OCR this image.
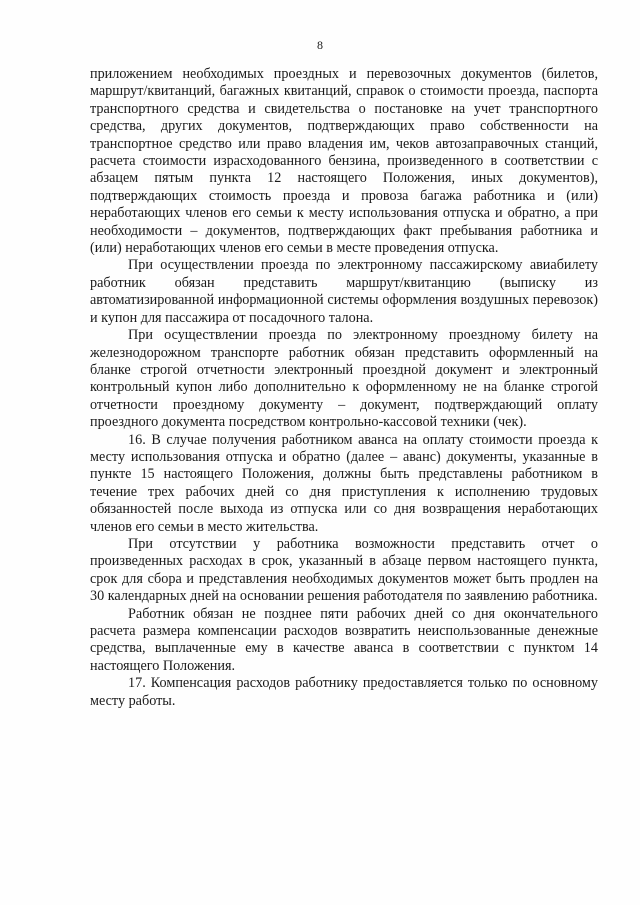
8

приложением необходимых проездных и перевозочных документов (билетов, маршрут/квитанций, багажных квитанций, справок о стоимости проезда, паспорта транспортного средства и свидетельства о постановке на учет транспортного средства, других документов, подтверждающих право собственности на транспортное средство или право владения им, чеков автозаправочных станций, расчета стоимости израсходованного бензина, произведенного в соответствии с абзацем пятым пункта 12 настоящего Положения, иных документов), подтверждающих стоимость проезда и провоза багажа работника и (или) неработающих членов его семьи к месту использования отпуска и обратно, а при необходимости – документов, подтверждающих факт пребывания работника и (или) неработающих членов его семьи в месте проведения отпуска.

При осуществлении проезда по электронному пассажирскому авиабилету работник обязан представить маршрут/квитанцию (выписку из автоматизированной информационной системы оформления воздушных перевозок) и купон для пассажира от посадочного талона.

При осуществлении проезда по электронному проездному билету на железнодорожном транспорте работник обязан представить оформленный на бланке строгой отчетности электронный проездной документ и электронный контрольный купон либо дополнительно к оформленному не на бланке строгой отчетности проездному документу – документ, подтверждающий оплату проездного документа посредством контрольно-кассовой техники (чек).

16. В случае получения работником аванса на оплату стоимости проезда к месту использования отпуска и обратно (далее – аванс) документы, указанные в пункте 15 настоящего Положения, должны быть представлены работником в течение трех рабочих дней со дня приступления к исполнению трудовых обязанностей после выхода из отпуска или со дня возвращения неработающих членов его семьи в место жительства.

При отсутствии у работника возможности представить отчет о произведенных расходах в срок, указанный в абзаце первом настоящего пункта, срок для сбора и представления необходимых документов может быть продлен на 30 календарных дней на основании решения работодателя по заявлению работника.

Работник обязан не позднее пяти рабочих дней со дня окончательного расчета размера компенсации расходов возвратить неиспользованные денежные средства, выплаченные ему в качестве аванса в соответствии с пунктом 14 настоящего Положения.

17. Компенсация расходов работнику предоставляется только по основному месту работы.
